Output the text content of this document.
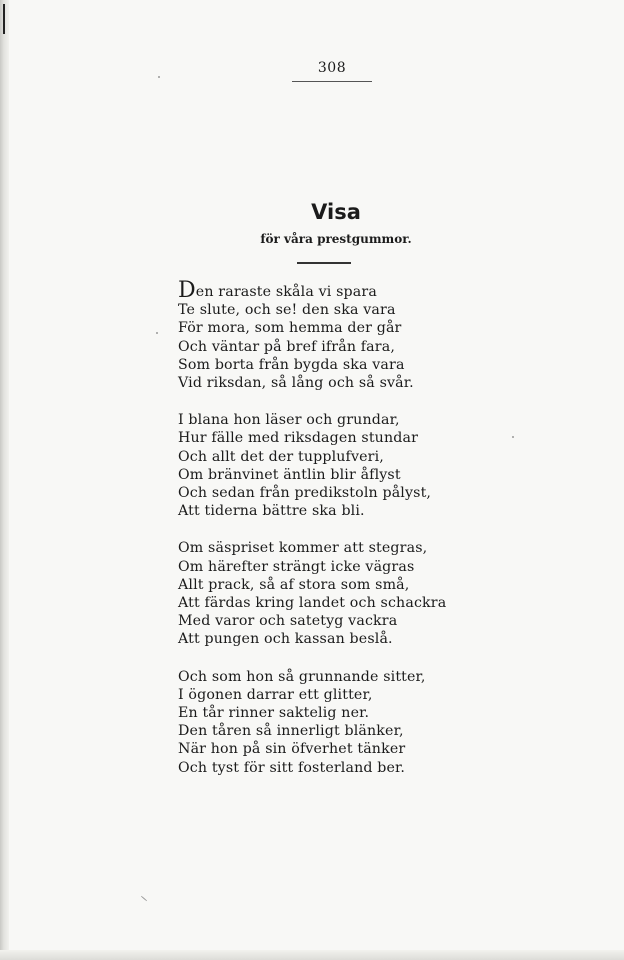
308
Visa
för våra prestgummor.
Den raraste skåla vi spara
Te slute, och se! den ska vara
För mora, som hemma der går
Och väntar på bref ifrån fara,
Som borta från bygda ska vara
Vid riksdan, så lång och så svår.
I blana hon läser och grundar,
Hur fälle med riksdagen stundar
Och allt det der tupplufveri,
Om bränvinet äntlin blir åflyst
Och sedan från predikstoln pålyst,
Att tiderna bättre ska bli.
Om säspriset kommer att stegras,
Om härefter strängt icke vägras
Allt prack, så af stora som små,
Att färdas kring landet och schackra
Med varor och satetyg vackra
Att pungen och kassan beslå.
Och som hon så grunnande sitter,
I ögonen darrar ett glitter,
En tår rinner saktelig ner.
Den tåren så innerligt blänker,
När hon på sin öfverhet tänker
Och tyst för sitt fosterland ber.
